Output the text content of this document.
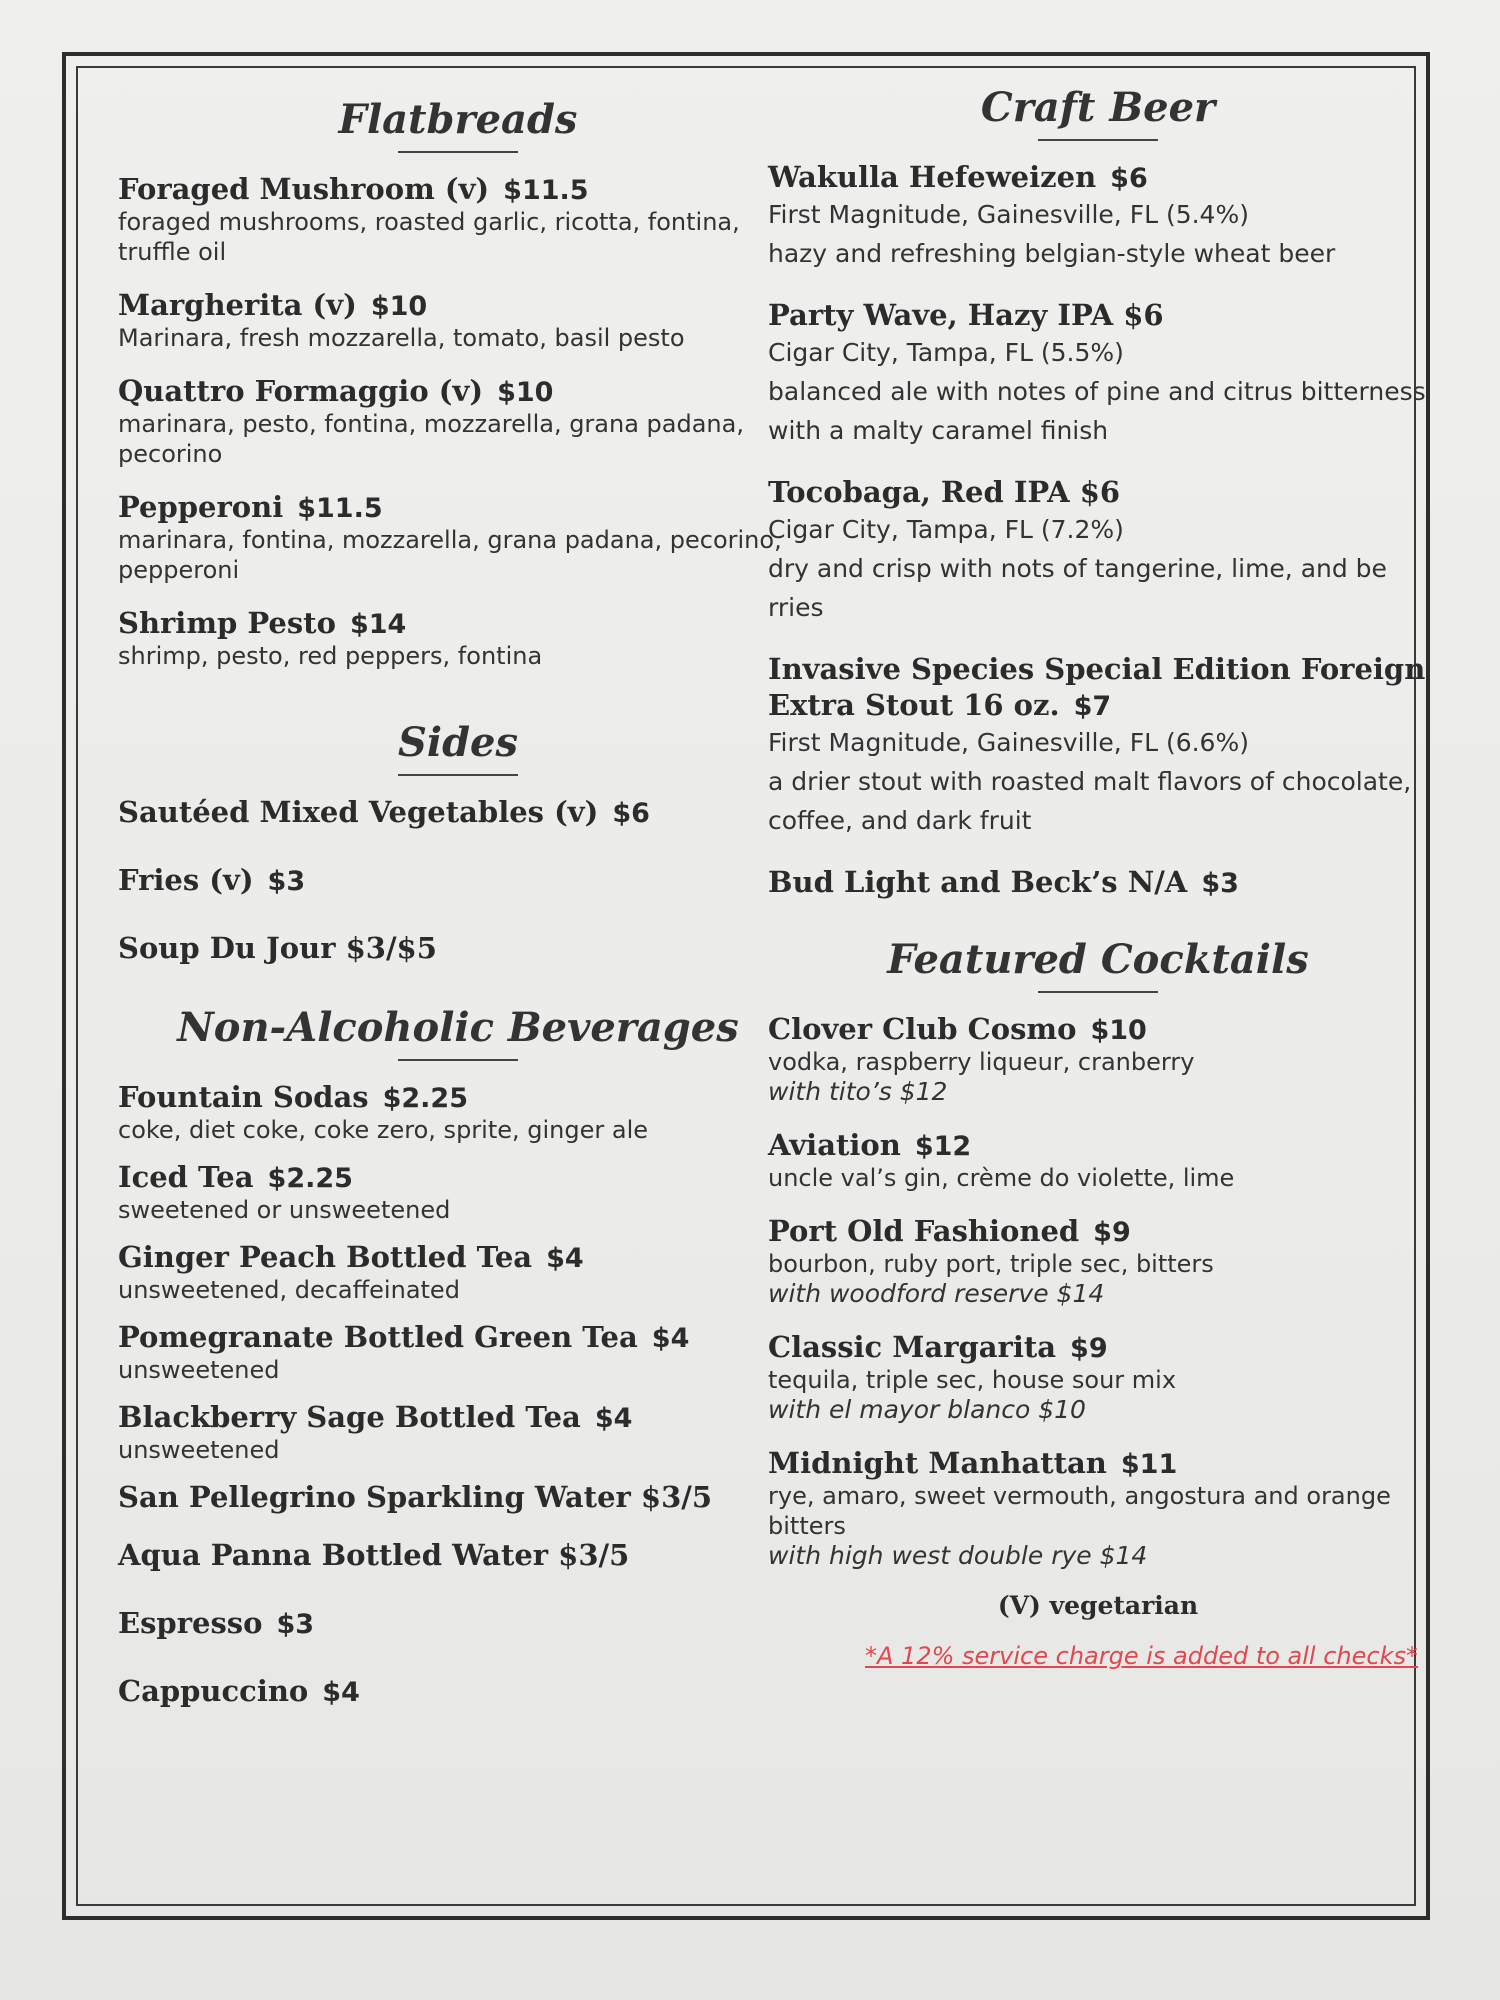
Flatbreads
Foraged Mushroom (v) $11.5
foraged mushrooms, roasted garlic, ricotta, fontina, truffle oil
Margherita (v) $10
Marinara, fresh mozzarella, tomato, basil pesto
Quattro Formaggio (v) $10
marinara, pesto, fontina, mozzarella, grana padana, pecorino
Pepperoni $11.5
marinara, fontina, mozzarella, grana padana, pecorino, pepperoni
Shrimp Pesto $14
shrimp, pesto, red peppers, fontina
Sides
Sautéed Mixed Vegetables (v) $6
Fries (v) $3
Soup Du Jour $3/$5
Non-Alcoholic Beverages
Fountain Sodas $2.25
coke, diet coke, coke zero, sprite, ginger ale
Iced Tea $2.25
sweetened or unsweetened
Ginger Peach Bottled Tea $4
unsweetened, decaffeinated
Pomegranate Bottled Green Tea $4
unsweetened
Blackberry Sage Bottled Tea $4
unsweetened
San Pellegrino Sparkling Water $3/5
Aqua Panna Bottled Water $3/5
Espresso $3
Cappuccino $4
Craft Beer
Wakulla Hefeweizen $6
First Magnitude, Gainesville, FL (5.4%)
hazy and refreshing belgian-style wheat beer
Party Wave, Hazy IPA $6
Cigar City, Tampa, FL (5.5%)
balanced ale with notes of pine and citrus bitterness with a malty caramel finish
Tocobaga, Red IPA $6
Cigar City, Tampa, FL (7.2%)
dry and crisp with nots of tangerine, lime, and be rries
Invasive Species Special Edition Foreign Extra Stout 16 oz. $7
First Magnitude, Gainesville, FL (6.6%)
a drier stout with roasted malt flavors of chocolate, coffee, and dark fruit
Bud Light and Beck’s N/A $3
Featured Cocktails
Clover Club Cosmo $10
vodka, raspberry liqueur, cranberry
with tito’s $12
Aviation $12
uncle val’s gin, crème do violette, lime
Port Old Fashioned $9
bourbon, ruby port, triple sec, bitters
with woodford reserve $14
Classic Margarita $9
tequila, triple sec, house sour mix
with el mayor blanco $10
Midnight Manhattan $11
rye, amaro, sweet vermouth, angostura and orange bitters
with high west double rye $14
(V) vegetarian
*A 12% service charge is added to all checks*
